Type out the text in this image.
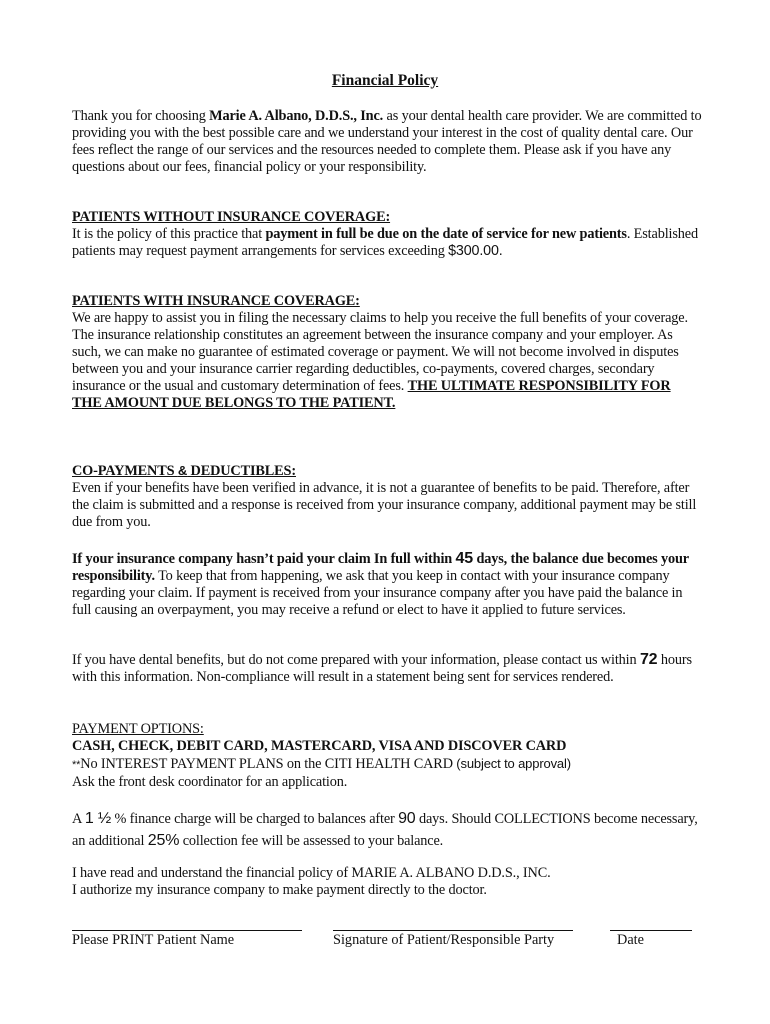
Financial Policy
Thank you for choosing Marie A. Albano, D.D.S., Inc. as your dental health care provider. We are committed to providing you with the best possible care and we understand your interest in the cost of quality dental care. Our fees reflect the range of our services and the resources needed to complete them. Please ask if you have any questions about our fees, financial policy or your responsibility.
PATIENTS WITHOUT INSURANCE COVERAGE:
It is the policy of this practice that payment in full be due on the date of service for new patients. Established patients may request payment arrangements for services exceeding $300.00.
PATIENTS WITH INSURANCE COVERAGE:
We are happy to assist you in filing the necessary claims to help you receive the full benefits of your coverage. The insurance relationship constitutes an agreement between the insurance company and your employer. As such, we can make no guarantee of estimated coverage or payment. We will not become involved in disputes between you and your insurance carrier regarding deductibles, co-payments, covered charges, secondary insurance or the usual and customary determination of fees. THE ULTIMATE RESPONSIBILITY FOR THE AMOUNT DUE BELONGS TO THE PATIENT.
CO-PAYMENTS & DEDUCTIBLES:
Even if your benefits have been verified in advance, it is not a guarantee of benefits to be paid. Therefore, after the claim is submitted and a response is received from your insurance company, additional payment may be still due from you.
If your insurance company hasn’t paid your claim In full within 45 days, the balance due becomes your responsibility. To keep that from happening, we ask that you keep in contact with your insurance company regarding your claim. If payment is received from your insurance company after you have paid the balance in full causing an overpayment, you may receive a refund or elect to have it applied to future services.
If you have dental benefits, but do not come prepared with your information, please contact us within 72 hours with this information. Non-compliance will result in a statement being sent for services rendered.
PAYMENT OPTIONS:
CASH, CHECK, DEBIT CARD, MASTERCARD, VISA AND DISCOVER CARD
**No INTEREST PAYMENT PLANS on the CITI HEALTH CARD (subject to approval)
Ask the front desk coordinator for an application.
A 1 ½ % finance charge will be charged to balances after 90 days. Should COLLECTIONS become necessary, an additional 25% collection fee will be assessed to your balance.
I have read and understand the financial policy of MARIE A. ALBANO D.D.S., INC.
I authorize my insurance company to make payment directly to the doctor.
Please PRINT Patient Name	Signature of Patient/Responsible Party	Date
